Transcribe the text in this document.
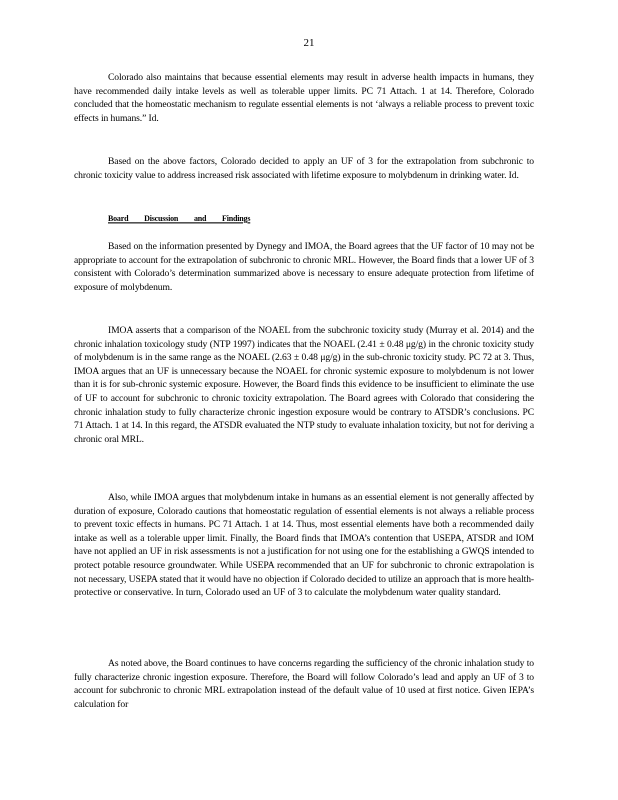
21

Colorado also maintains that because essential elements may result in adverse health impacts in humans, they have recommended daily intake levels as well as tolerable upper limits. PC 71 Attach. 1 at 14. Therefore, Colorado concluded that the homeostatic mechanism to regulate essential elements is not ‘always a reliable process to prevent toxic effects in humans.” Id.

Based on the above factors, Colorado decided to apply an UF of 3 for the extrapolation from subchronic to chronic toxicity value to address increased risk associated with lifetime exposure to molybdenum in drinking water. Id.

Board Discussion and Findings

Based on the information presented by Dynegy and IMOA, the Board agrees that the UF factor of 10 may not be appropriate to account for the extrapolation of subchronic to chronic MRL. However, the Board finds that a lower UF of 3 consistent with Colorado’s determination summarized above is necessary to ensure adequate protection from lifetime of exposure of molybdenum.

IMOA asserts that a comparison of the NOAEL from the subchronic toxicity study (Murray et al. 2014) and the chronic inhalation toxicology study (NTP 1997) indicates that the NOAEL (2.41 ± 0.48 μg/g) in the chronic toxicity study of molybdenum is in the same range as the NOAEL (2.63 ± 0.48 μg/g) in the sub-chronic toxicity study. PC 72 at 3. Thus, IMOA argues that an UF is unnecessary because the NOAEL for chronic systemic exposure to molybdenum is not lower than it is for sub-chronic systemic exposure. However, the Board finds this evidence to be insufficient to eliminate the use of UF to account for subchronic to chronic toxicity extrapolation. The Board agrees with Colorado that considering the chronic inhalation study to fully characterize chronic ingestion exposure would be contrary to ATSDR’s conclusions. PC 71 Attach. 1 at 14. In this regard, the ATSDR evaluated the NTP study to evaluate inhalation toxicity, but not for deriving a chronic oral MRL.

Also, while IMOA argues that molybdenum intake in humans as an essential element is not generally affected by duration of exposure, Colorado cautions that homeostatic regulation of essential elements is not always a reliable process to prevent toxic effects in humans. PC 71 Attach. 1 at 14. Thus, most essential elements have both a recommended daily intake as well as a tolerable upper limit. Finally, the Board finds that IMOA’s contention that USEPA, ATSDR and IOM have not applied an UF in risk assessments is not a justification for not using one for the establishing a GWQS intended to protect potable resource groundwater. While USEPA recommended that an UF for subchronic to chronic extrapolation is not necessary, USEPA stated that it would have no objection if Colorado decided to utilize an approach that is more health-protective or conservative. In turn, Colorado used an UF of 3 to calculate the molybdenum water quality standard.

As noted above, the Board continues to have concerns regarding the sufficiency of the chronic inhalation study to fully characterize chronic ingestion exposure. Therefore, the Board will follow Colorado’s lead and apply an UF of 3 to account for subchronic to chronic MRL extrapolation instead of the default value of 10 used at first notice. Given IEPA’s calculation for
